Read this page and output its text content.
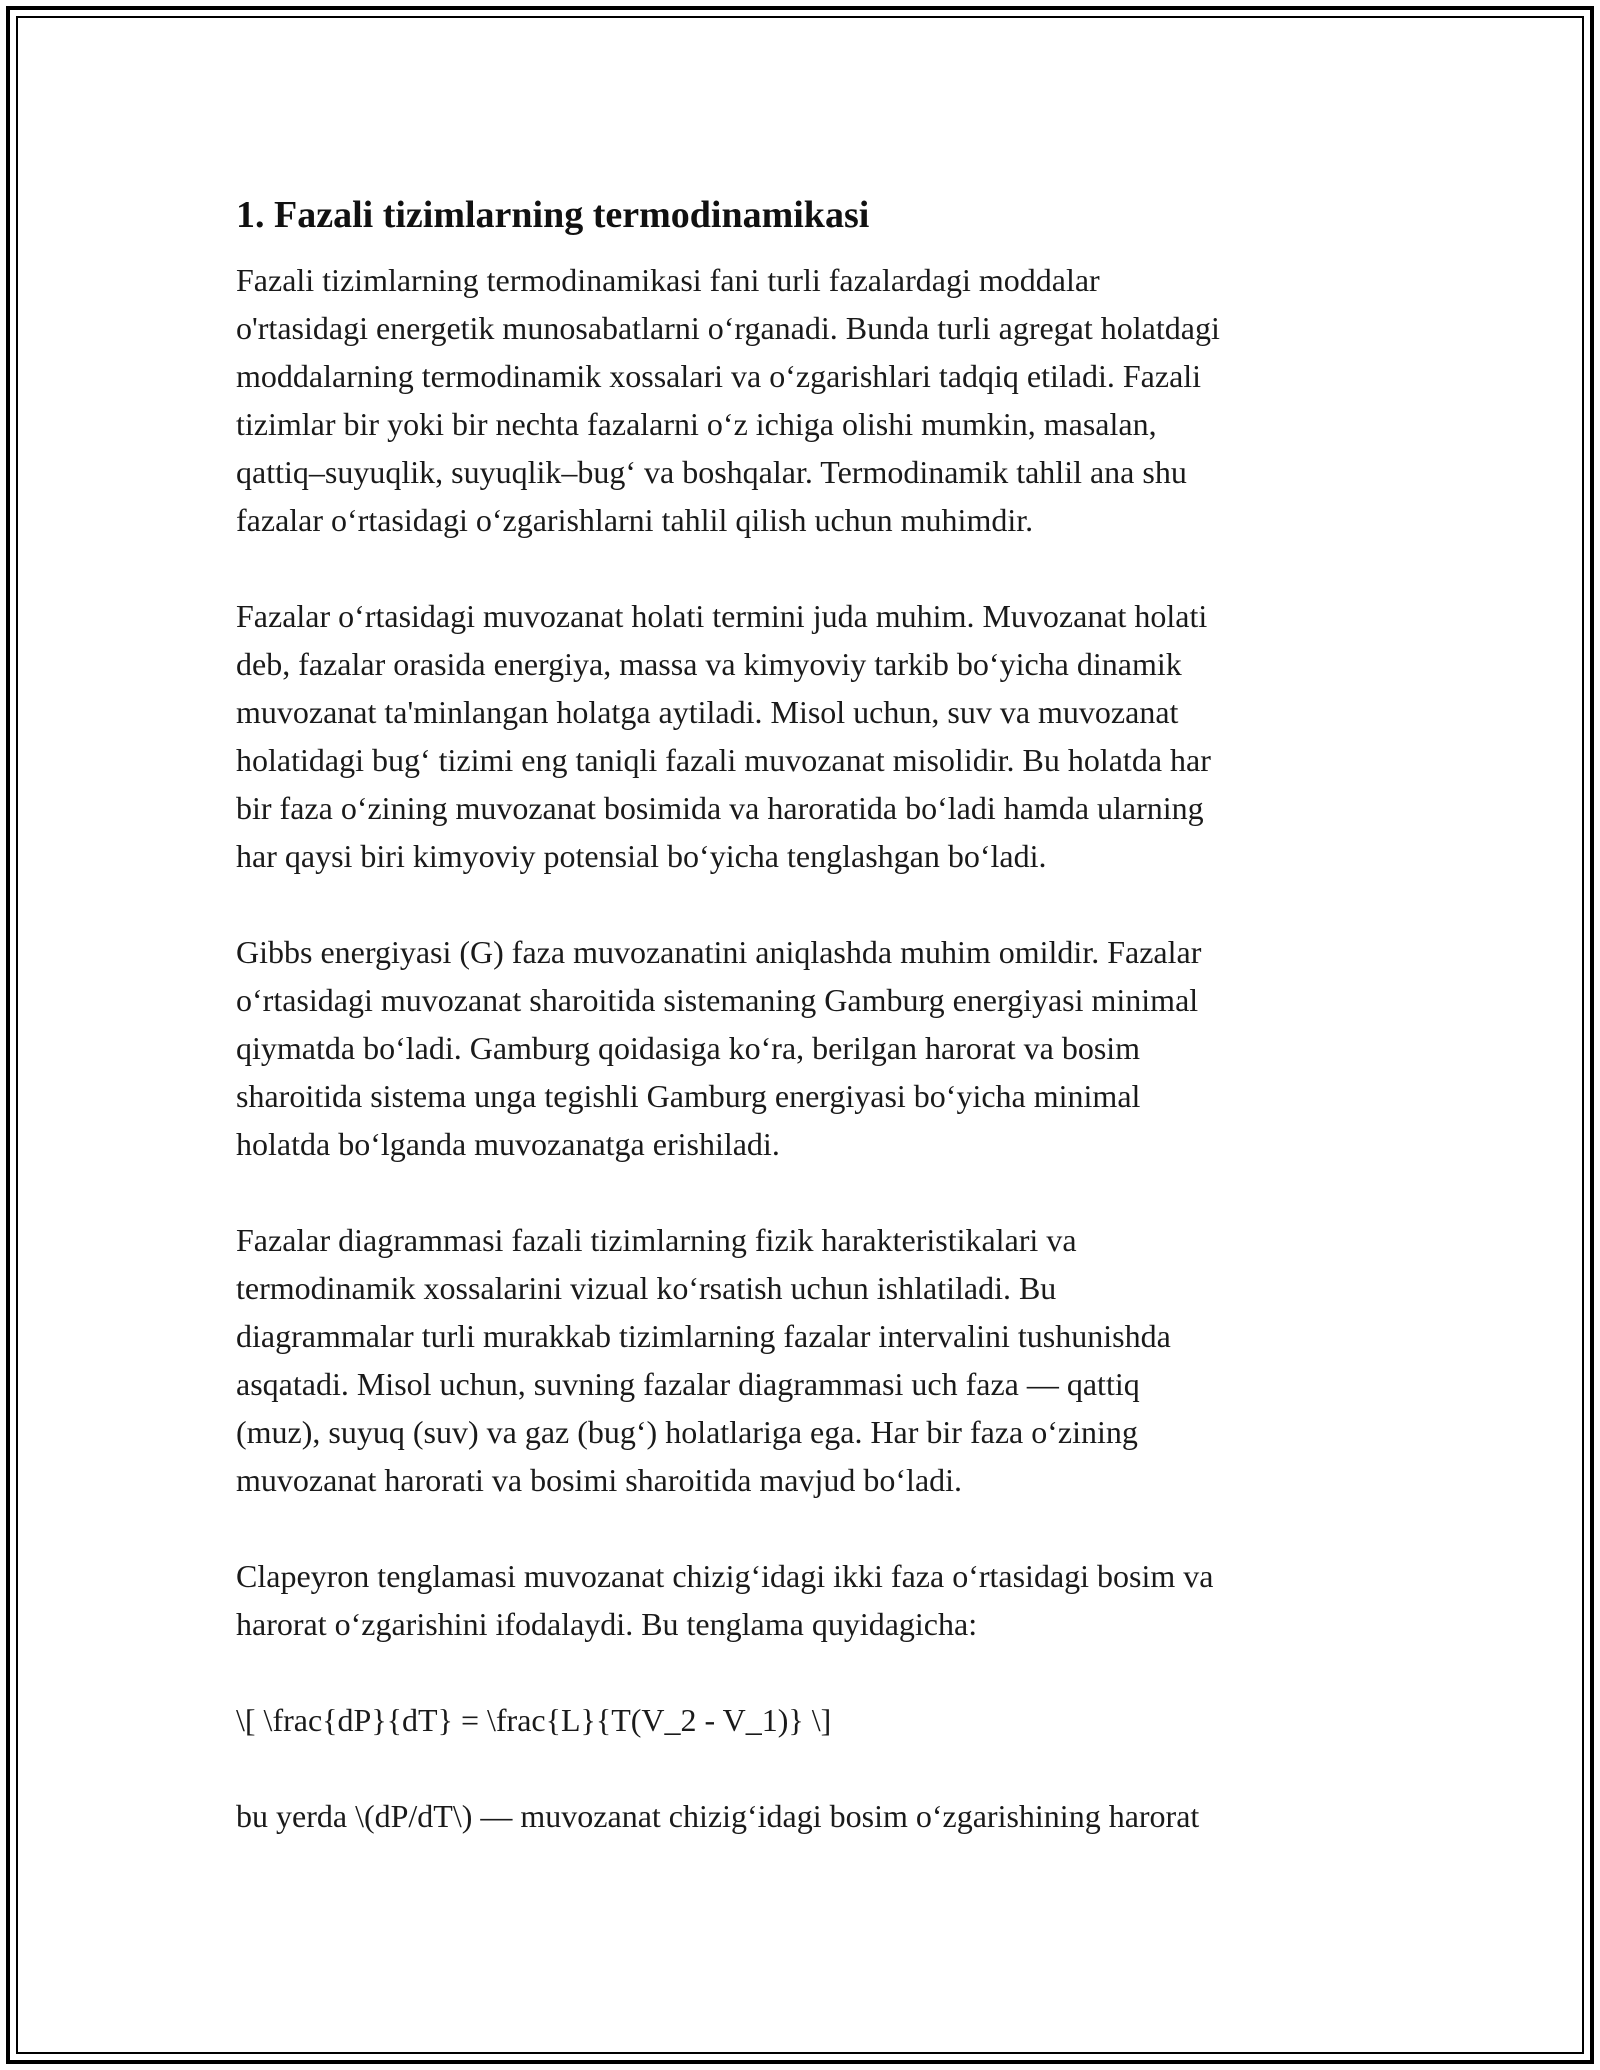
1. Fazali tizimlarning termodinamikasi
Fazali tizimlarning termodinamikasi fani turli fazalardagi moddalar
o'rtasidagi energetik munosabatlarni o‘rganadi. Bunda turli agregat holatdagi
moddalarning termodinamik xossalari va o‘zgarishlari tadqiq etiladi. Fazali
tizimlar bir yoki bir nechta fazalarni o‘z ichiga olishi mumkin, masalan,
qattiq–suyuqlik, suyuqlik–bug‘ va boshqalar. Termodinamik tahlil ana shu
fazalar o‘rtasidagi o‘zgarishlarni tahlil qilish uchun muhimdir.
Fazalar o‘rtasidagi muvozanat holati termini juda muhim. Muvozanat holati
deb, fazalar orasida energiya, massa va kimyoviy tarkib bo‘yicha dinamik
muvozanat ta'minlangan holatga aytiladi. Misol uchun, suv va muvozanat
holatidagi bug‘ tizimi eng taniqli fazali muvozanat misolidir. Bu holatda har
bir faza o‘zining muvozanat bosimida va haroratida bo‘ladi hamda ularning
har qaysi biri kimyoviy potensial bo‘yicha tenglashgan bo‘ladi.
Gibbs energiyasi (G) faza muvozanatini aniqlashda muhim omildir. Fazalar
o‘rtasidagi muvozanat sharoitida sistemaning Gamburg energiyasi minimal
qiymatda bo‘ladi. Gamburg qoidasiga ko‘ra, berilgan harorat va bosim
sharoitida sistema unga tegishli Gamburg energiyasi bo‘yicha minimal
holatda bo‘lganda muvozanatga erishiladi.
Fazalar diagrammasi fazali tizimlarning fizik harakteristikalari va
termodinamik xossalarini vizual ko‘rsatish uchun ishlatiladi. Bu
diagrammalar turli murakkab tizimlarning fazalar intervalini tushunishda
asqatadi. Misol uchun, suvning fazalar diagrammasi uch faza — qattiq
(muz), suyuq (suv) va gaz (bug‘) holatlariga ega. Har bir faza o‘zining
muvozanat harorati va bosimi sharoitida mavjud bo‘ladi.
Clapeyron tenglamasi muvozanat chizig‘idagi ikki faza o‘rtasidagi bosim va
harorat o‘zgarishini ifodalaydi. Bu tenglama quyidagicha:
\[ \frac{dP}{dT} = \frac{L}{T(V_2 - V_1)} \]
bu yerda \(dP/dT\) — muvozanat chizig‘idagi bosim o‘zgarishining harorat
